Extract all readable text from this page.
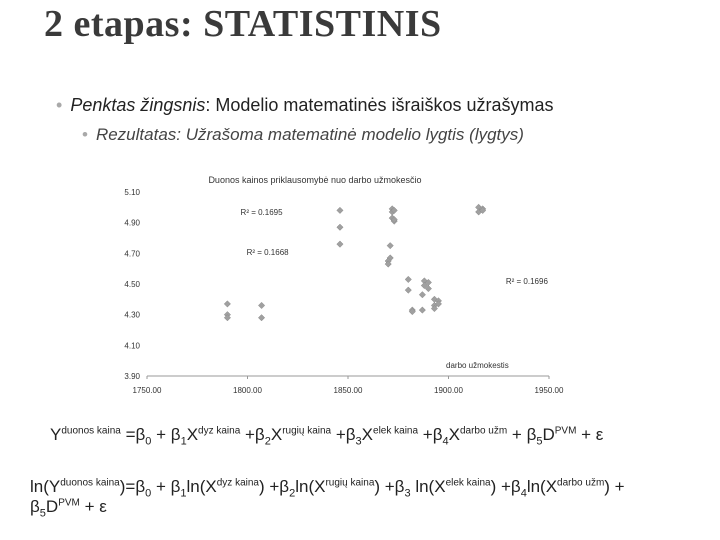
2 etapas: STATISTINIS
• Penktas žingsnis: Modelio matematinės išraiškos užrašymas
• Rezultatas: Užrašoma matematinė modelio lygtis (lygtys)
Duonos kainos priklausomybė nuo darbo užmokesčio
5.10
4.90
4.70
4.50
4.30
4.10
3.90
1750.00	1800.00	1850.00	1900.00	1950.00
R² = 0.1695
R² = 0.1668
R² = 0.1696
darbo užmokestis
$Y^{duonos kaina} =\beta_0 + \beta_1X^{dyz kaina} +\beta_2X^{rugių kaina} +\beta_3X^{elek kaina} +\beta_4X^{darbo užm} + \beta_5D^{PVM} + \varepsilon$
$\ln(Y^{duonos kaina})=\beta_0 + \beta_1\ln(X^{dyz kaina}) +\beta_2\ln(X^{rugių kaina}) +\beta_3$ $\ln(X^{elek kaina}) +\beta_4\ln(X^{darbo užm})$ +
$\beta_5D^{PVM} + \varepsilon$
